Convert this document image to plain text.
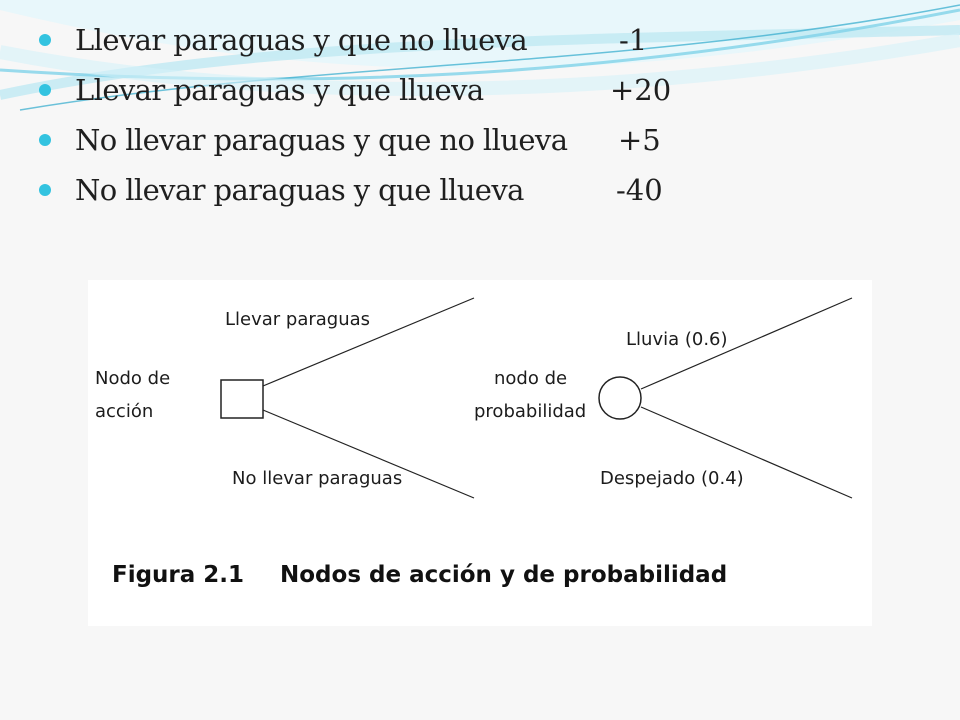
Llevar paraguas y que no llueva	-1
Llevar paraguas y que llueva	+20
No llevar paraguas y que no llueva +5
No llevar paraguas y que llueva	-40
Llevar paraguas
Nodo de
acción
No llevar paraguas
Lluvia (0.6)
nodo de
probabilidad
Despejado (0.4)
Figura 2.1 Nodos de acción y de probabilidad
